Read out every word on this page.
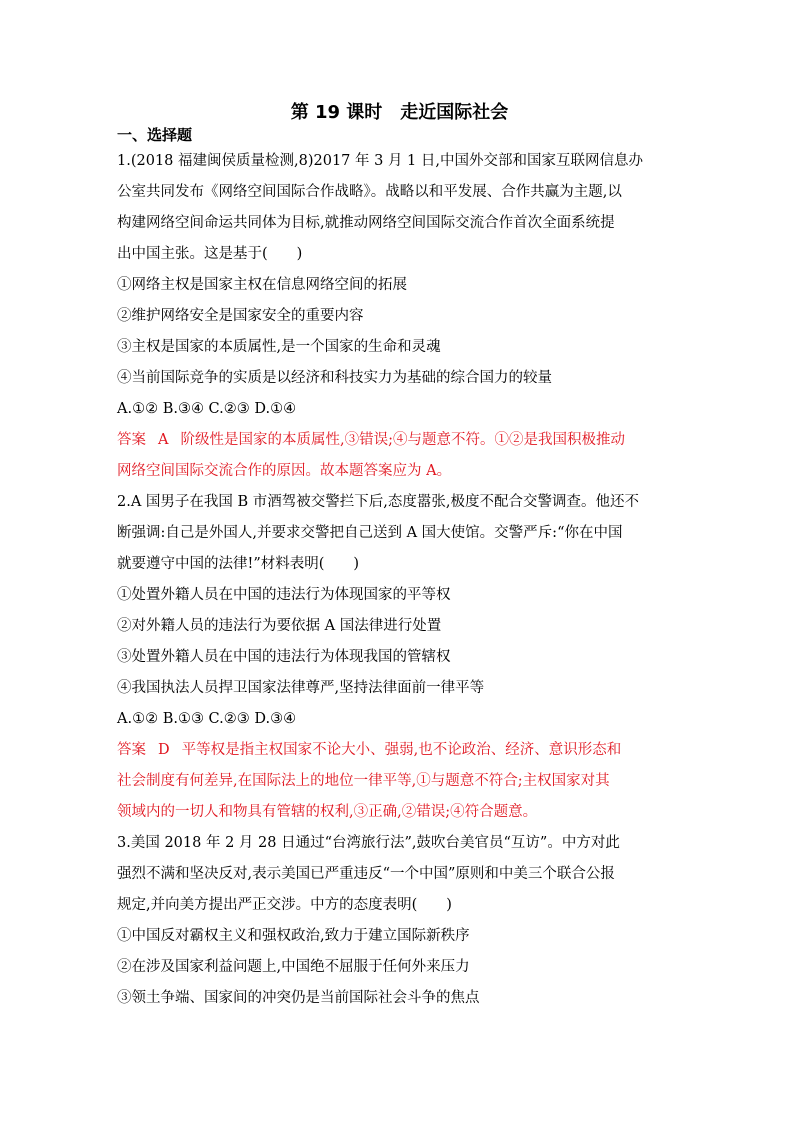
第 19 课时　走近国际社会
一、选择题
1.(2018 福建闽侯质量检测,8)2017 年 3 月 1 日,中国外交部和国家互联网信息办
公室共同发布《网络空间国际合作战略》。战略以和平发展、合作共赢为主题,以
构建网络空间命运共同体为目标,就推动网络空间国际交流合作首次全面系统提
出中国主张。这是基于(　　)
①网络主权是国家主权在信息网络空间的拓展
②维护网络安全是国家安全的重要内容
③主权是国家的本质属性,是一个国家的生命和灵魂
④当前国际竞争的实质是以经济和科技实力为基础的综合国力的较量
A.①② B.③④ C.②③ D.①④
答案 A 阶级性是国家的本质属性,③错误;④与题意不符。①②是我国积极推动
网络空间国际交流合作的原因。故本题答案应为 A。
2.A 国男子在我国 B 市酒驾被交警拦下后,态度嚣张,极度不配合交警调查。他还不
断强调:自己是外国人,并要求交警把自己送到 A 国大使馆。交警严斥:“你在中国
就要遵守中国的法律!”材料表明(　　)
①处置外籍人员在中国的违法行为体现国家的平等权
②对外籍人员的违法行为要依据 A 国法律进行处置
③处置外籍人员在中国的违法行为体现我国的管辖权
④我国执法人员捍卫国家法律尊严,坚持法律面前一律平等
A.①② B.①③ C.②③ D.③④
答案 D 平等权是指主权国家不论大小、强弱,也不论政治、经济、意识形态和
社会制度有何差异,在国际法上的地位一律平等,①与题意不符合;主权国家对其
领域内的一切人和物具有管辖的权利,③正确,②错误;④符合题意。
3.美国 2018 年 2 月 28 日通过“台湾旅行法”,鼓吹台美官员“互访”。中方对此
强烈不满和坚决反对,表示美国已严重违反“一个中国”原则和中美三个联合公报
规定,并向美方提出严正交涉。中方的态度表明(　　)
①中国反对霸权主义和强权政治,致力于建立国际新秩序
②在涉及国家利益问题上,中国绝不屈服于任何外来压力
③领土争端、国家间的冲突仍是当前国际社会斗争的焦点
